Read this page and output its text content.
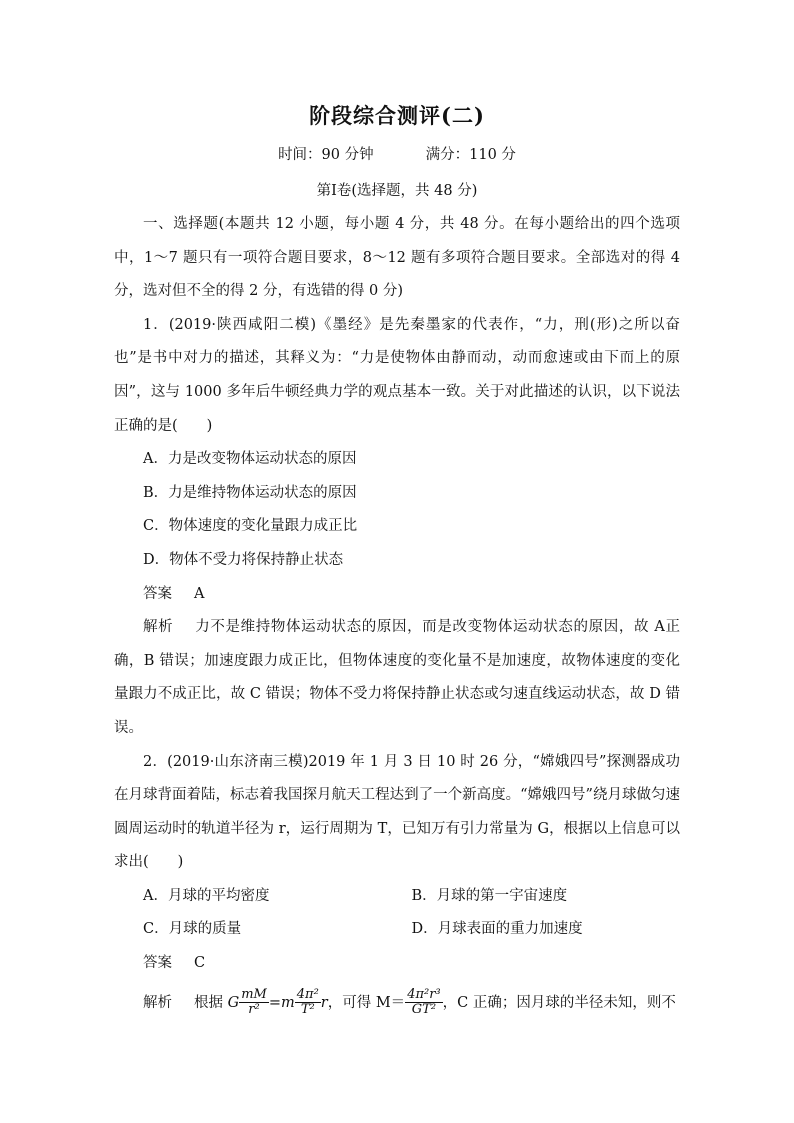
阶段综合测评(二)
时间：90 分钟	满分：110 分
第Ⅰ卷(选择题，共 48 分)

一、选择题(本题共 12 小题，每小题 4 分，共 48 分。在每小题给出的四个选项中，1～7 题只有一项符合题目要求，8～12 题有多项符合题目要求。全部选对的得 4 分，选对但不全的得 2 分，有选错的得 0 分)

1．(2019·陕西咸阳二模)《墨经》是先秦墨家的代表作，“力，刑(形)之所以奋也”是书中对力的描述，其释义为：“力是使物体由静而动，动而愈速或由下而上的原因”，这与 1000 多年后牛顿经典力学的观点基本一致。关于对此描述的认识，以下说法正确的是(　　)

A．力是改变物体运动状态的原因

B．力是维持物体运动状态的原因

C．物体速度的变化量跟力成正比

D．物体不受力将保持静止状态

答案 A

解析 力不是维持物体运动状态的原因，而是改变物体运动状态的原因，故 A正确，B 错误；加速度跟力成正比，但物体速度的变化量不是加速度，故物体速度的变化量跟力不成正比，故 C 错误；物体不受力将保持静止状态或匀速直线运动状态，故 D 错误。

2．(2019·山东济南三模)2019 年 1 月 3 日 10 时 26 分，“嫦娥四号”探测器成功在月球背面着陆，标志着我国探月航天工程达到了一个新高度。“嫦娥四号”绕月球做匀速圆周运动时的轨道半径为 r，运行周期为 T，已知万有引力常量为 G，根据以上信息可以求出(　　)

A．月球的平均密度	B．月球的第一宇宙速度
C．月球的质量	D．月球表面的重力加速度

答案 C

解析 根据 G $\frac{mM}{\text{r²}} =m \frac{\text{4π²}}{\text{T²}}$ r，可得 $M= \frac{\text{4π²r³}}{\text{GT²}}$ ，C 正确；因月球的半径未知，则不
